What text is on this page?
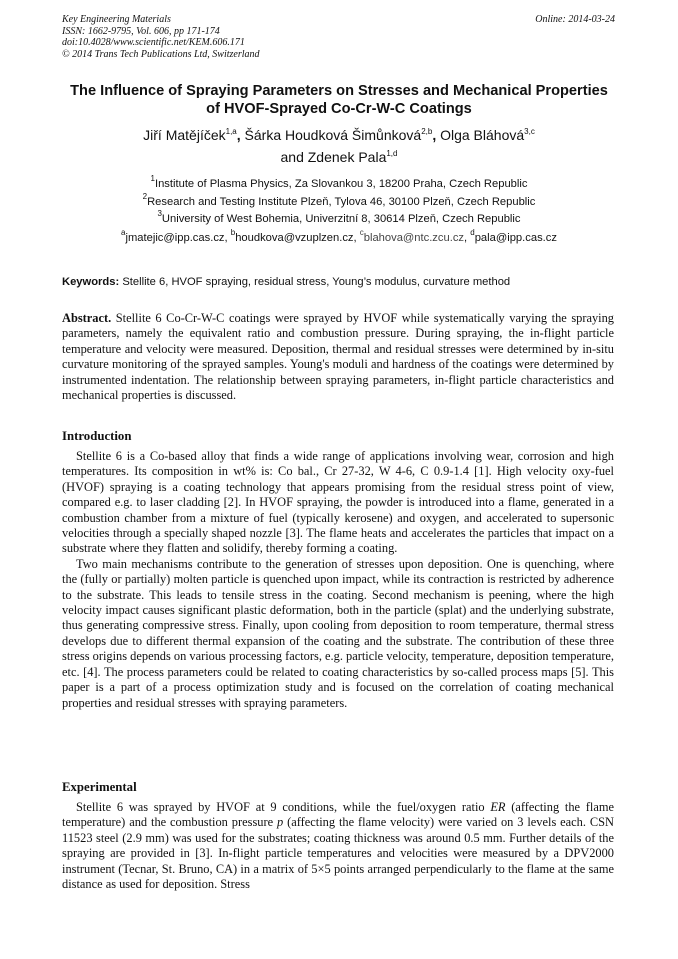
Key Engineering Materials
ISSN: 1662-9795, Vol. 606, pp 171-174
doi:10.4028/www.scientific.net/KEM.606.171
© 2014 Trans Tech Publications Ltd, Switzerland
Online: 2014-03-24
The Influence of Spraying Parameters on Stresses and Mechanical Properties of HVOF-Sprayed Co-Cr-W-C Coatings
Jiří Matějíček$^{1,a}$, Šárka Houdková Šimůnková$^{2,b}$, Olga Bláhová$^{3,c}$
and Zdenek Pala$^{1,d}$
$^1$Institute of Plasma Physics, Za Slovankou 3, 18200 Praha, Czech Republic
$^2$Research and Testing Institute Plzeň, Tylova 46, 30100 Plzeň, Czech Republic
$^3$University of West Bohemia, Univerzitní 8, 30614 Plzeň, Czech Republic
$^a$jmatejic@ipp.cas.cz, $^b$houdkova@vzuplzen.cz, $^c$blahova@ntc.zcu.cz, $^d$pala@ipp.cas.cz
Keywords: Stellite 6, HVOF spraying, residual stress, Young’s modulus, curvature method
Abstract. Stellite 6 Co-Cr-W-C coatings were sprayed by HVOF while systematically varying the spraying parameters, namely the equivalent ratio and combustion pressure. During spraying, the in-flight particle temperature and velocity were measured. Deposition, thermal and residual stresses were determined by in-situ curvature monitoring of the sprayed samples. Young's moduli and hardness of the coatings were determined by instrumented indentation. The relationship between spraying parameters, in-flight particle characteristics and mechanical properties is discussed.
Introduction

Stellite 6 is a Co-based alloy that finds a wide range of applications involving wear, corrosion and high temperatures. Its composition in wt% is: Co bal., Cr 27-32, W 4-6, C 0.9-1.4 [1]. High velocity oxy-fuel (HVOF) spraying is a coating technology that appears promising from the residual stress point of view, compared e.g. to laser cladding [2]. In HVOF spraying, the powder is introduced into a flame, generated in a combustion chamber from a mixture of fuel (typically kerosene) and oxygen, and accelerated to supersonic velocities through a specially shaped nozzle [3]. The flame heats and accelerates the particles that impact on a substrate where they flatten and solidify, thereby forming a coating.

Two main mechanisms contribute to the generation of stresses upon deposition. One is quenching, where the (fully or partially) molten particle is quenched upon impact, while its contraction is restricted by adherence to the substrate. This leads to tensile stress in the coating. Second mechanism is peening, where the high velocity impact causes significant plastic deformation, both in the particle (splat) and the underlying substrate, thus generating compressive stress. Finally, upon cooling from deposition to room temperature, thermal stress develops due to different thermal expansion of the coating and the substrate. The contribution of these three stress origins depends on various processing factors, e.g. particle velocity, temperature, deposition temperature, etc. [4]. The process parameters could be related to coating characteristics by so-called process maps [5]. This paper is a part of a process optimization study and is focused on the correlation of coating mechanical properties and residual stresses with spraying parameters.

Experimental

Stellite 6 was sprayed by HVOF at 9 conditions, while the fuel/oxygen ratio ER (affecting the flame temperature) and the combustion pressure p (affecting the flame velocity) were varied on 3 levels each. CSN 11523 steel (2.9 mm) was used for the substrates; coating thickness was around 0.5 mm. Further details of the spraying are provided in [3]. In-flight particle temperatures and velocities were measured by a DPV2000 instrument (Tecnar, St. Bruno, CA) in a matrix of 5×5 points arranged perpendicularly to the flame at the same distance as used for deposition. Stress
